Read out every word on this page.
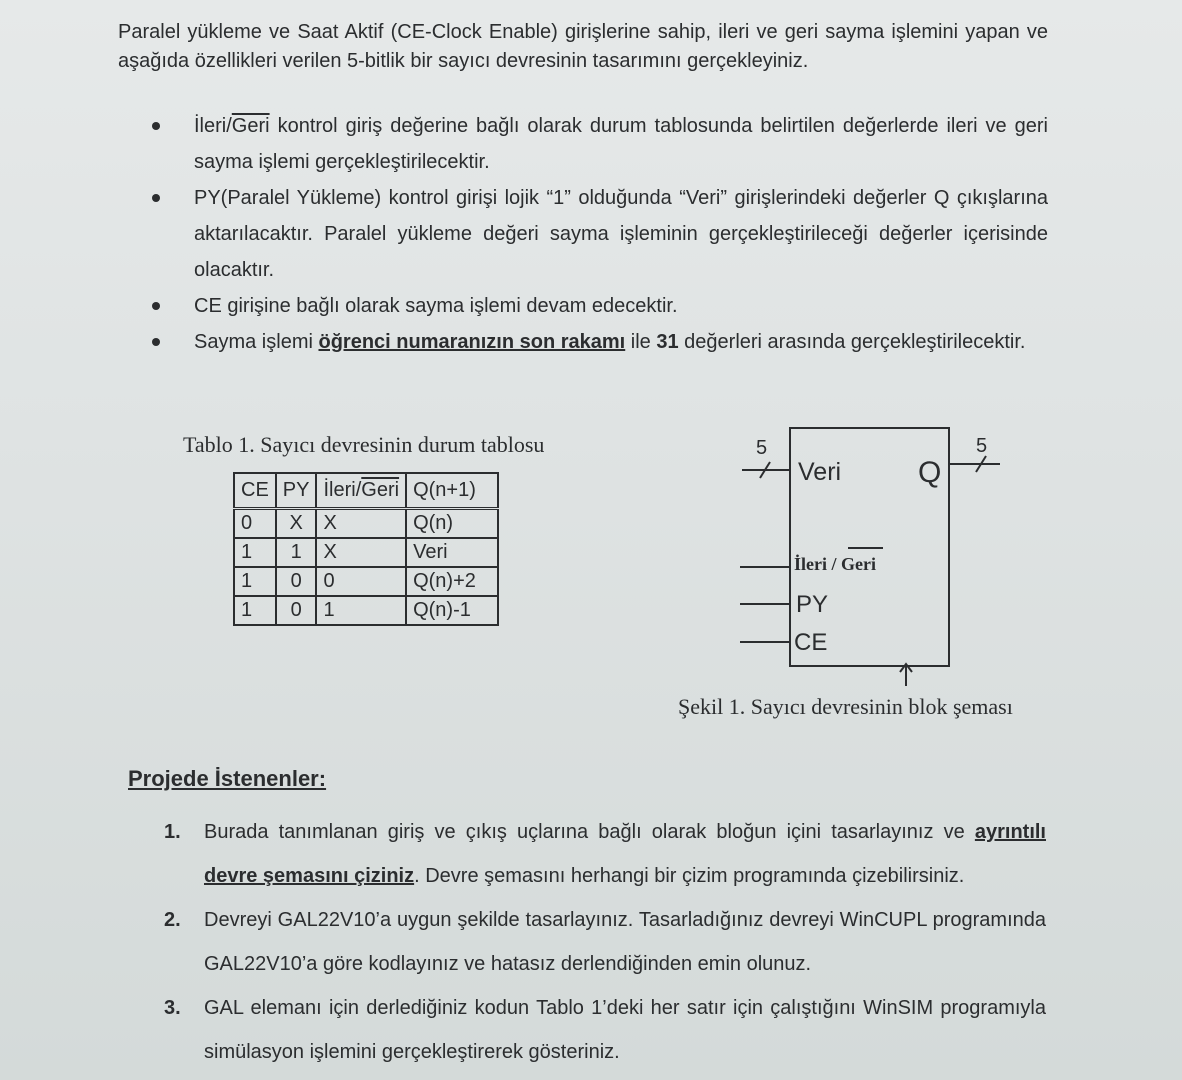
Paralel yükleme ve Saat Aktif (CE-Clock Enable) girişlerine sahip, ileri ve geri sayma işlemini yapan ve aşağıda özellikleri verilen 5-bitlik bir sayıcı devresinin tasarımını gerçekleyiniz.

İleri/Geri kontrol giriş değerine bağlı olarak durum tablosunda belirtilen değerlerde ileri ve geri sayma işlemi gerçekleştirilecektir.
PY(Paralel Yükleme) kontrol girişi lojik “1” olduğunda “Veri” girişlerindeki değerler Q çıkışlarına aktarılacaktır. Paralel yükleme değeri sayma işleminin gerçekleştirileceği değerler içerisinde olacaktır.
CE girişine bağlı olarak sayma işlemi devam edecektir.
Sayma işlemi öğrenci numaranızın son rakamı ile 31 değerleri arasında gerçekleştirilecektir.
Tablo 1. Sayıcı devresinin durum tablosu
CE	PY	İleri/Geri	Q(n+1)
0	X	X	Q(n)
1	1	X	Veri
1	0	0	Q(n)+2
1	0	1	Q(n)-1
5
Veri	Q
5
İleri / Geri
PY
CE
Şekil 1. Sayıcı devresinin blok şeması
Projede İstenenler:
1. Burada tanımlanan giriş ve çıkış uçlarına bağlı olarak bloğun içini tasarlayınız ve ayrıntılı devre şemasını çiziniz. Devre şemasını herhangi bir çizim programında çizebilirsiniz.
2. Devreyi GAL22V10’a uygun şekilde tasarlayınız. Tasarladığınız devreyi WinCUPL programında GAL22V10’a göre kodlayınız ve hatasız derlendiğinden emin olunuz.
3. GAL elemanı için derlediğiniz kodun Tablo 1’deki her satır için çalıştığını WinSIM programıyla simülasyon işlemini gerçekleştirerek gösteriniz.
